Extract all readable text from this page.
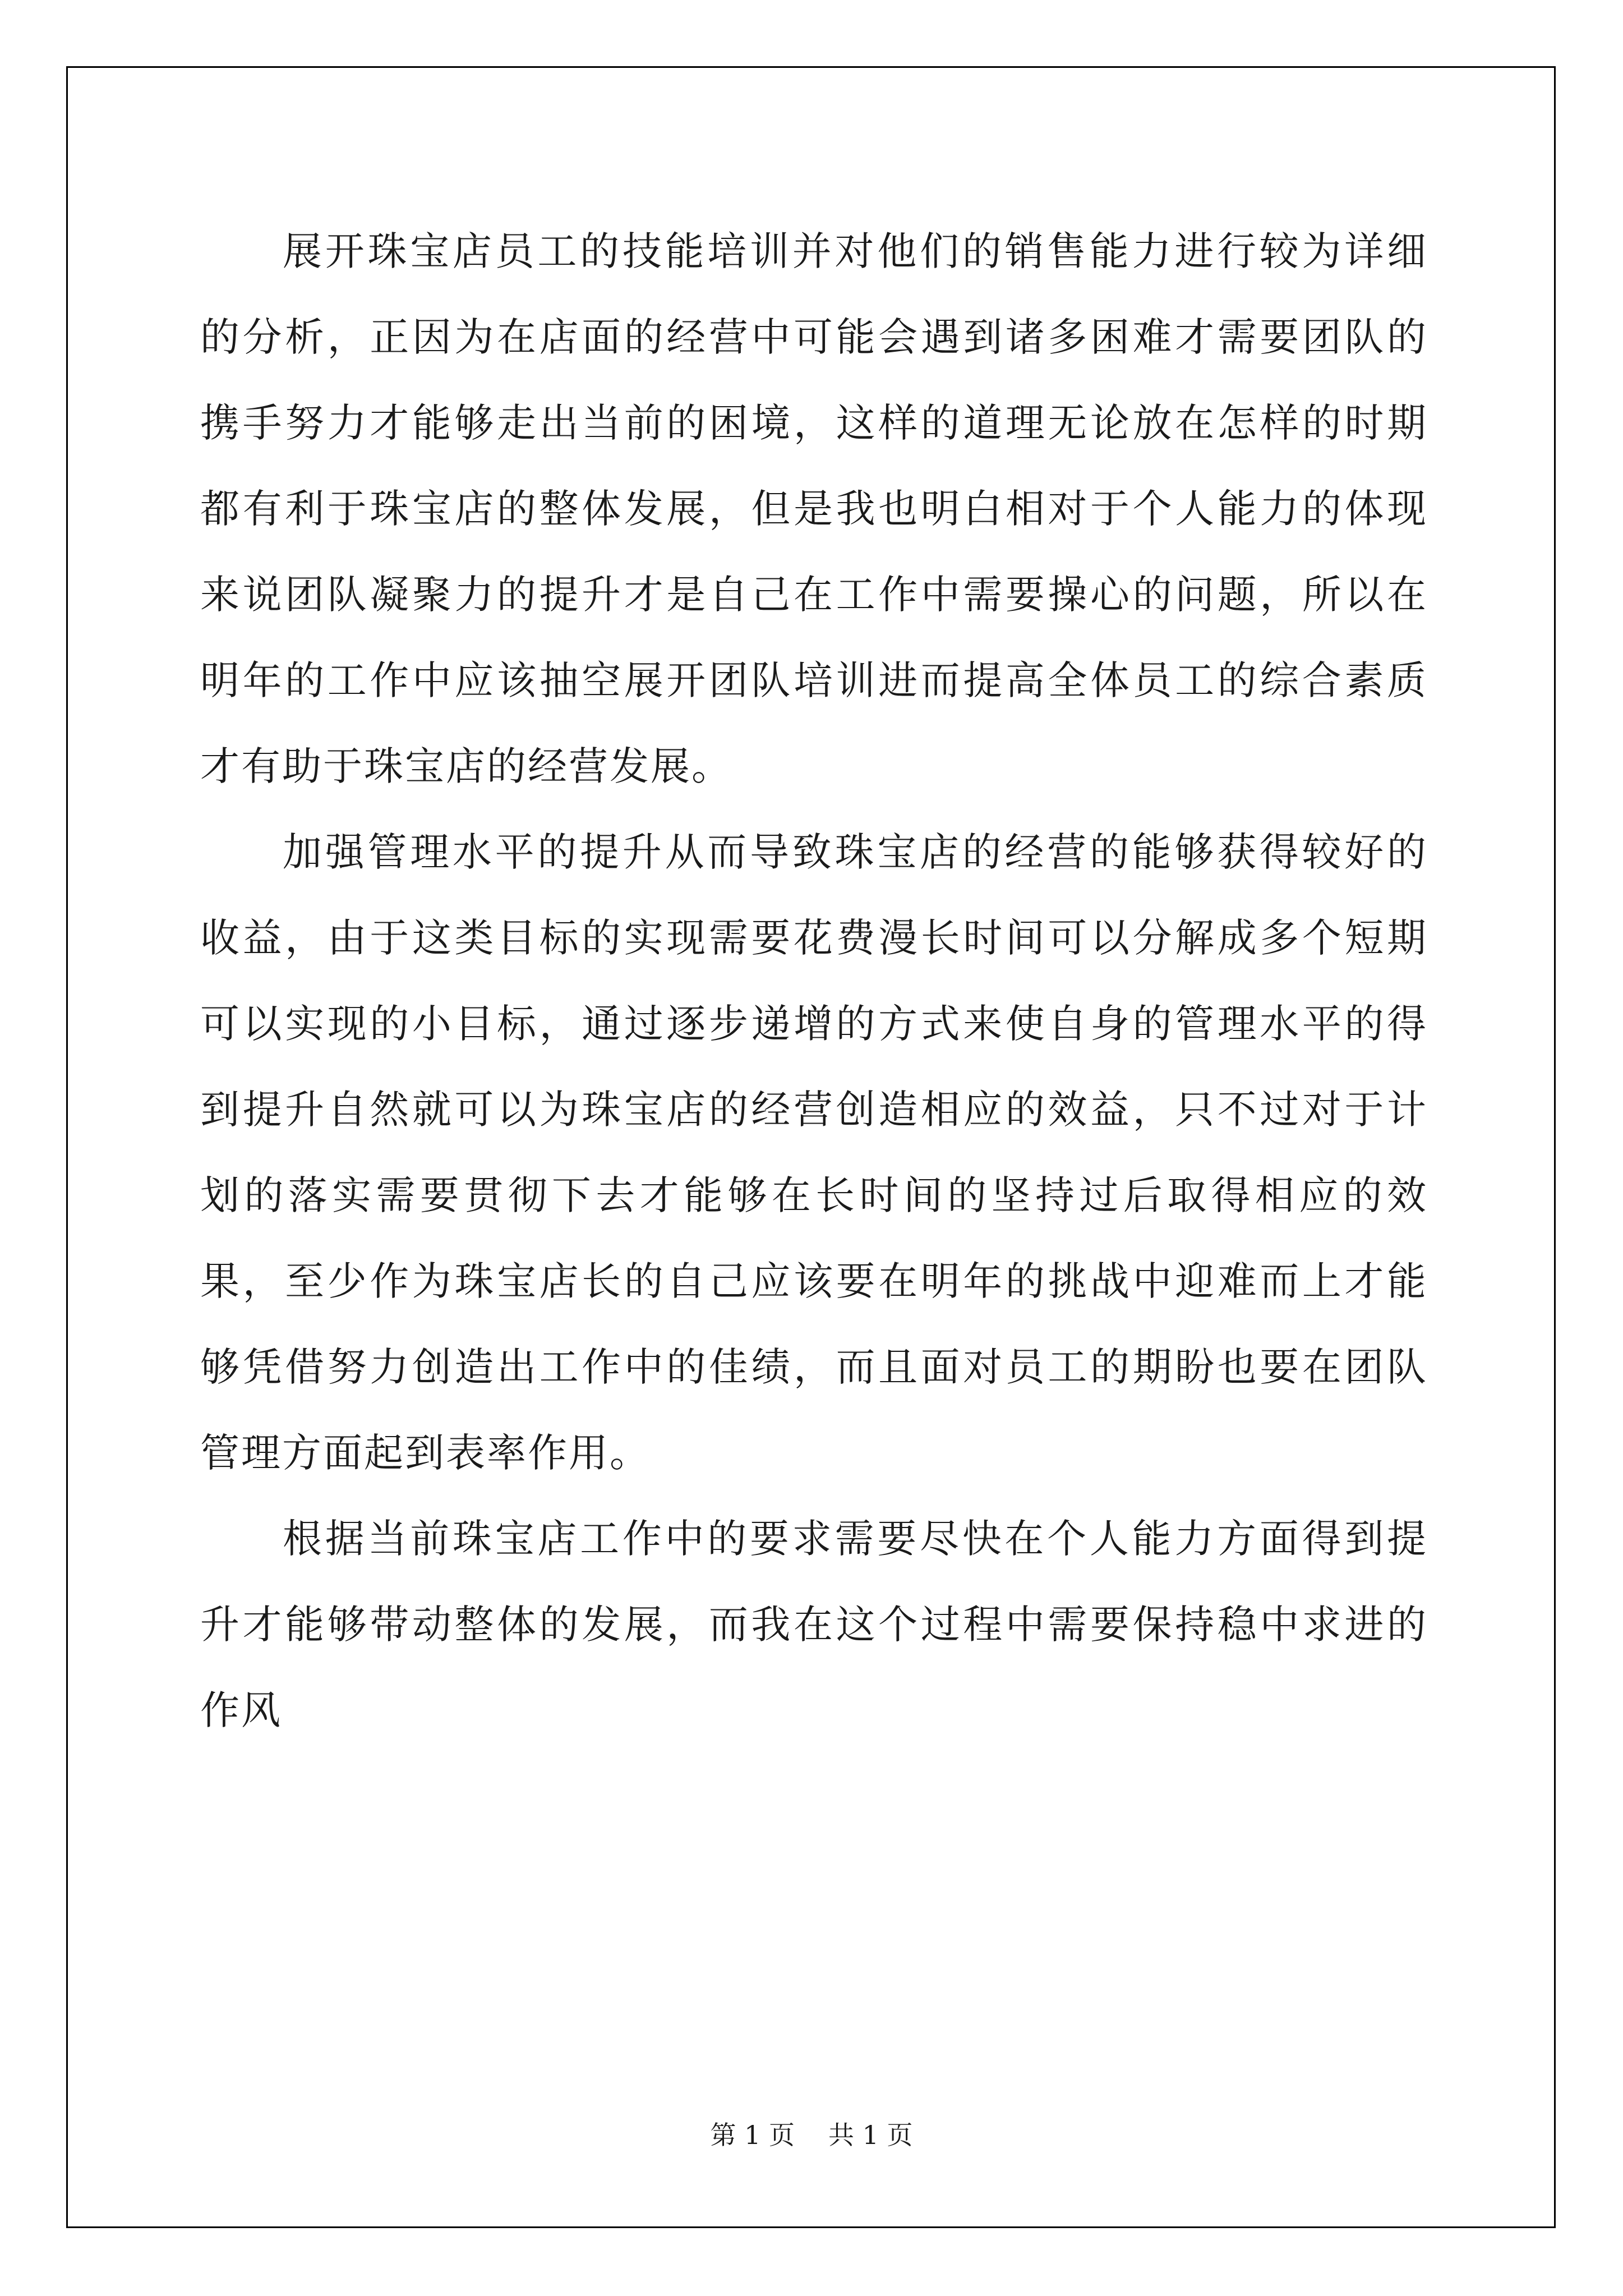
展开珠宝店员工的技能培训并对他们的销售能力进行较为详细的分析，正因为在店面的经营中可能会遇到诸多困难才需要团队的携手努力才能够走出当前的困境，这样的道理无论放在怎样的时期都有利于珠宝店的整体发展，但是我也明白相对于个人能力的体现来说团队凝聚力的提升才是自己在工作中需要操心的问题，所以在明年的工作中应该抽空展开团队培训进而提高全体员工的综合素质才有助于珠宝店的经营发展。

加强管理水平的提升从而导致珠宝店的经营的能够获得较好的收益，由于这类目标的实现需要花费漫长时间可以分解成多个短期可以实现的小目标，通过逐步递增的方式来使自身的管理水平的得到提升自然就可以为珠宝店的经营创造相应的效益，只不过对于计划的落实需要贯彻下去才能够在长时间的坚持过后取得相应的效果，至少作为珠宝店长的自己应该要在明年的挑战中迎难而上才能够凭借努力创造出工作中的佳绩，而且面对员工的期盼也要在团队管理方面起到表率作用。

根据当前珠宝店工作中的要求需要尽快在个人能力方面得到提升才能够带动整体的发展，而我在这个过程中需要保持稳中求进的作风

第 1 页 共 1 页
